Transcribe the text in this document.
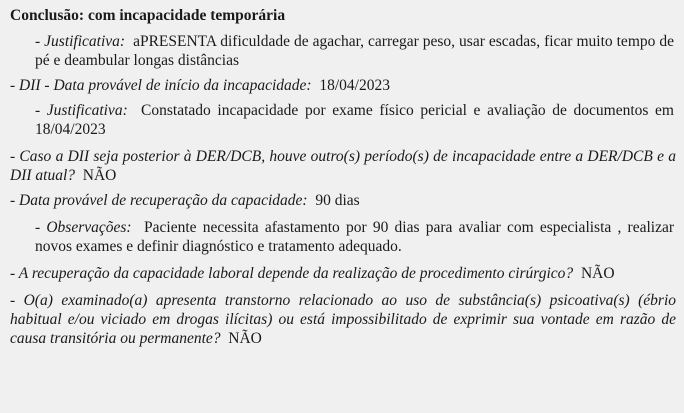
Conclusão: com incapacidade temporária

- Justificativa: aPRESENTA dificuldade de agachar, carregar peso, usar escadas, ficar muito tempo de pé e deambular longas distâncias

- DII - Data provável de início da incapacidade: 18/04/2023

- Justificativa: Constatado incapacidade por exame físico pericial e avaliação de documentos em 18/04/2023

- Caso a DII seja posterior à DER/DCB, houve outro(s) período(s) de incapacidade entre a DER/DCB e a DII atual? NÃO

- Data provável de recuperação da capacidade: 90 dias

- Observações: Paciente necessita afastamento por 90 dias para avaliar com especialista , realizar novos exames e definir diagnóstico e tratamento adequado.

- A recuperação da capacidade laboral depende da realização de procedimento cirúrgico? NÃO

- O(a) examinado(a) apresenta transtorno relacionado ao uso de substância(s) psicoativa(s) (ébrio habitual e/ou viciado em drogas ilícitas) ou está impossibilitado de exprimir sua vontade em razão de causa transitória ou permanente? NÃO
